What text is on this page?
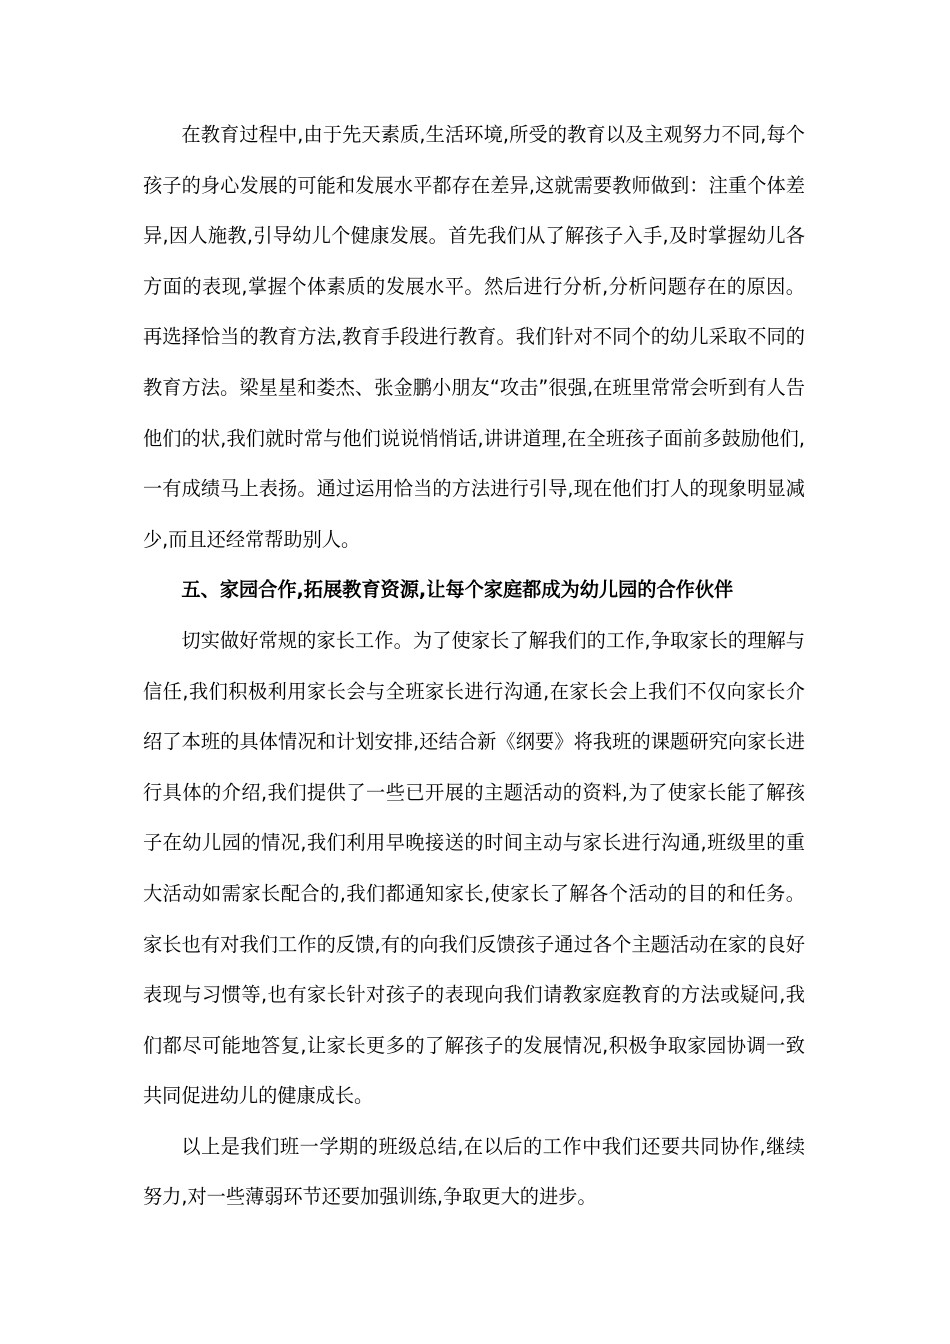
在教育过程中,由于先天素质,生活环境,所受的教育以及主观努力不同,每个孩子的身心发展的可能和发展水平都存在差异,这就需要教师做到：注重个体差异,因人施教,引导幼儿个健康发展。首先我们从了解孩子入手,及时掌握幼儿各方面的表现,掌握个体素质的发展水平。然后进行分析,分析问题存在的原因。再选择恰当的教育方法,教育手段进行教育。我们针对不同个的幼儿采取不同的教育方法。梁星星和娄杰、张金鹏小朋友“攻击”很强,在班里常常会听到有人告他们的状,我们就时常与他们说说悄悄话,讲讲道理,在全班孩子面前多鼓励他们,一有成绩马上表扬。通过运用恰当的方法进行引导,现在他们打人的现象明显减少,而且还经常帮助别人。

五、家园合作,拓展教育资源,让每个家庭都成为幼儿园的合作伙伴

切实做好常规的家长工作。为了使家长了解我们的工作,争取家长的理解与信任,我们积极利用家长会与全班家长进行沟通,在家长会上我们不仅向家长介绍了本班的具体情况和计划安排,还结合新《纲要》将我班的课题研究向家长进行具体的介绍,我们提供了一些已开展的主题活动的资料,为了使家长能了解孩子在幼儿园的情况,我们利用早晚接送的时间主动与家长进行沟通,班级里的重大活动如需家长配合的,我们都通知家长,使家长了解各个活动的目的和任务。家长也有对我们工作的反馈,有的向我们反馈孩子通过各个主题活动在家的良好表现与习惯等,也有家长针对孩子的表现向我们请教家庭教育的方法或疑问,我们都尽可能地答复,让家长更多的了解孩子的发展情况,积极争取家园协调一致共同促进幼儿的健康成长。

以上是我们班一学期的班级总结,在以后的工作中我们还要共同协作,继续努力,对一些薄弱环节还要加强训练,争取更大的进步。
